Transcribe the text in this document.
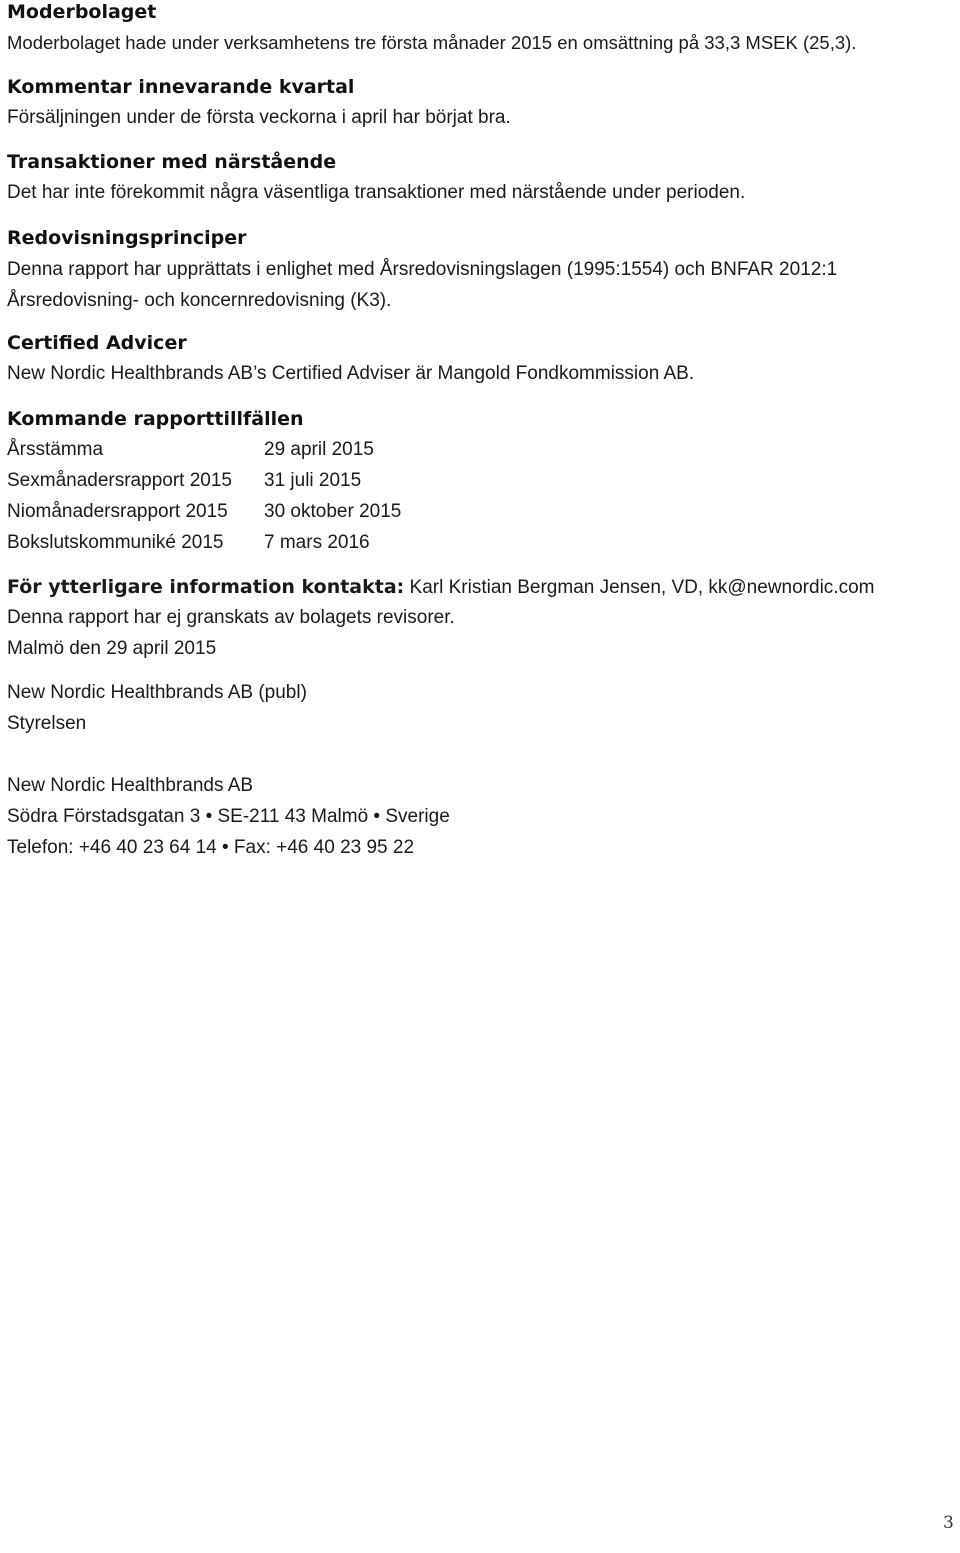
Moderbolaget

Moderbolaget hade under verksamhetens tre första månader 2015 en omsättning på 33,3 MSEK (25,3).

Kommentar innevarande kvartal

Försäljningen under de första veckorna i april har börjat bra.

Transaktioner med närstående

Det har inte förekommit några väsentliga transaktioner med närstående under perioden.

Redovisningsprinciper

Denna rapport har upprättats i enlighet med Årsredovisningslagen (1995:1554) och BNFAR 2012:1 Årsredovisning- och koncernredovisning (K3).

Certified Advicer

New Nordic Healthbrands AB’s Certified Adviser är Mangold Fondkommission AB.

Kommande rapporttillfällen
Årsstämma	29 april 2015
Sexmånadersrapport 2015 31 juli 2015
Niomånadersrapport 2015 30 oktober 2015
Bokslutskommuniké 2015 7 mars 2016
För ytterligare information kontakta: Karl Kristian Bergman Jensen, VD, kk@newnordic.com

Denna rapport har ej granskats av bolagets revisorer.

Malmö den 29 april 2015

New Nordic Healthbrands AB (publ)

Styrelsen

New Nordic Healthbrands AB

Södra Förstadsgatan 3 • SE-211 43 Malmö • Sverige

Telefon: +46 40 23 64 14 • Fax: +46 40 23 95 22

3
